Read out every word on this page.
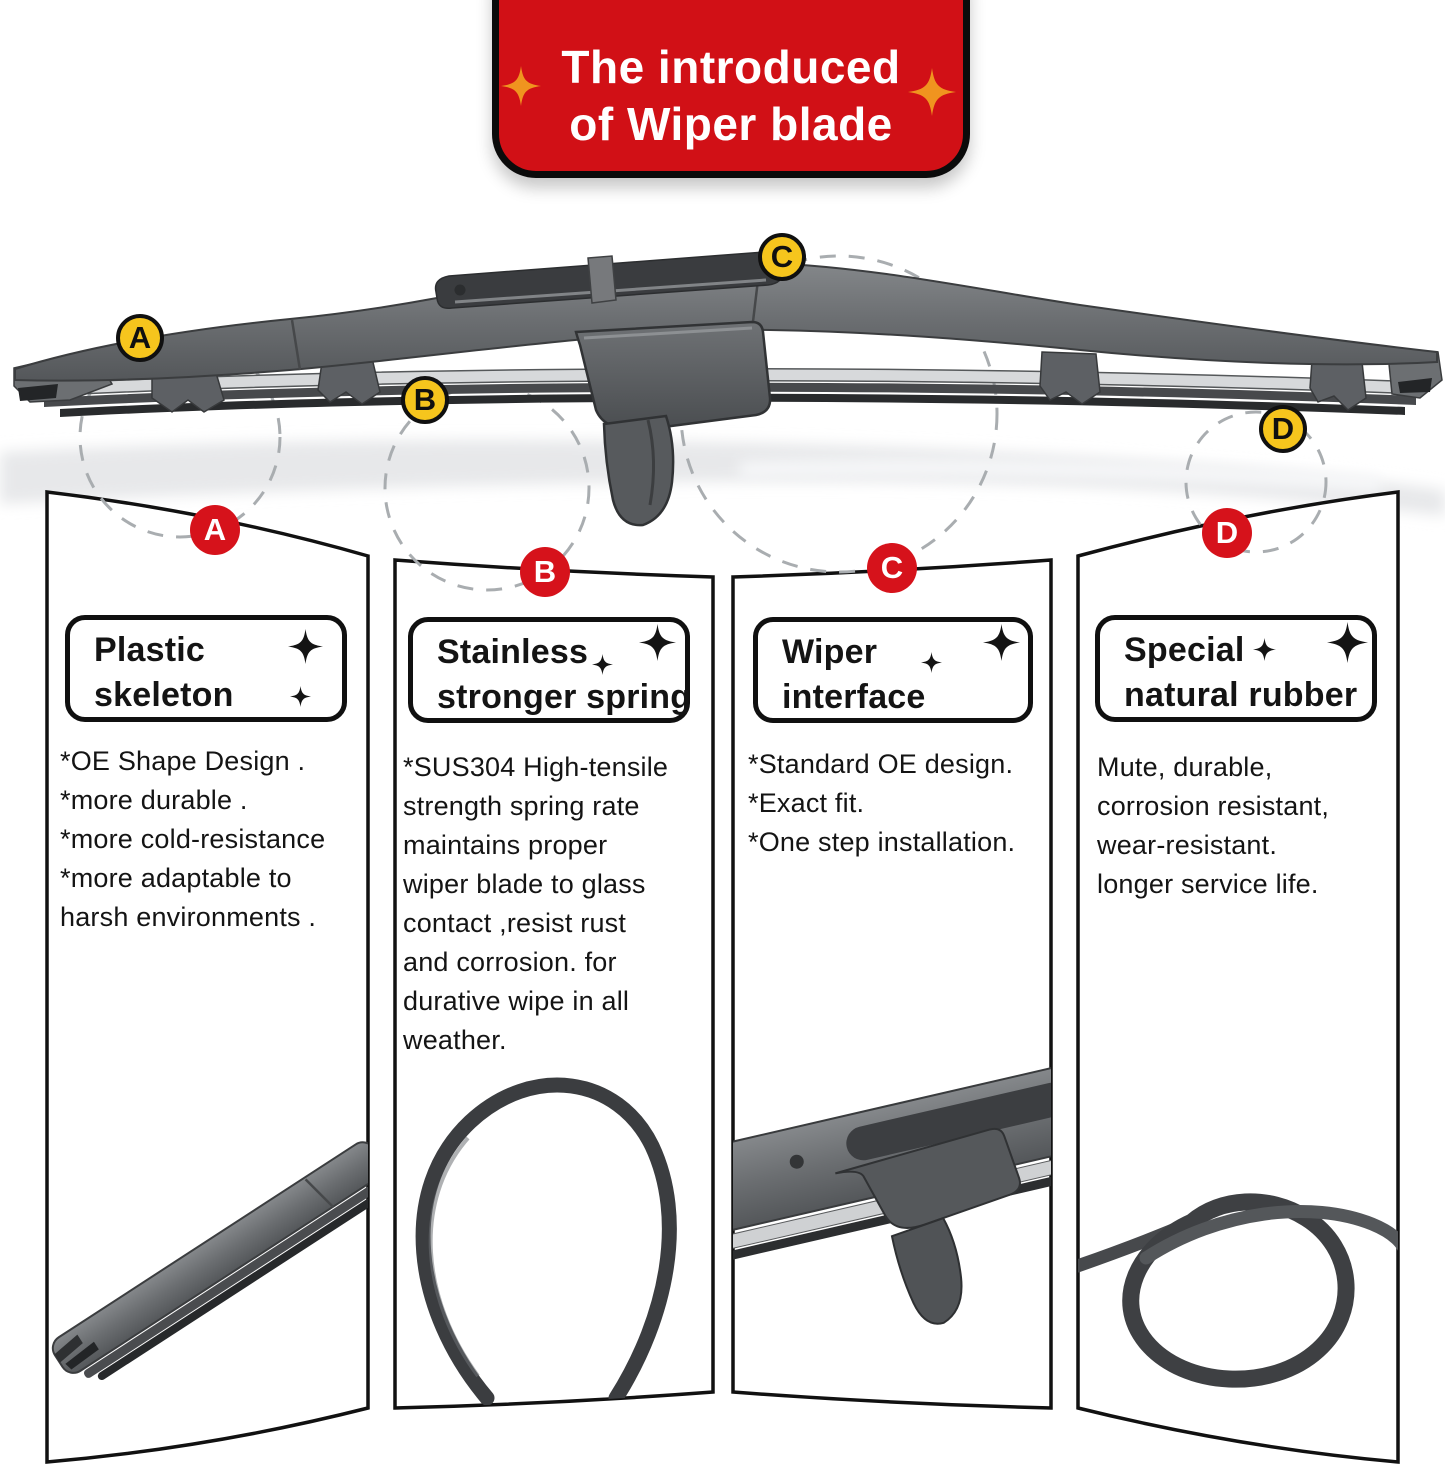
The introduced
of Wiper blade
A
B
C
D
A
B	C
D
Plastic
skeleton
*OE Shape Design .
*more durable .
*more cold-resistance
*more adaptable to
harsh environments .
Stainless
stronger spring
*SUS304 High-tensile
strength spring rate
maintains proper
wiper blade to glass
contact ,resist rust
and corrosion. for
durative wipe in all
weather.
Wiper
interface
*Standard OE design.
*Exact fit.
*One step installation.
Special
natural rubber
Mute, durable,
corrosion resistant,
wear-resistant.
longer service life.
